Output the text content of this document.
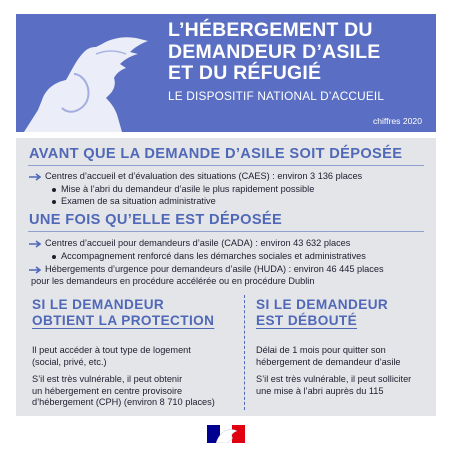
L’HÉBERGEMENT DU
DEMANDEUR D’ASILE
ET DU RÉFUGIÉ
LE DISPOSITIF NATIONAL D’ACCUEIL
chiffres 2020
AVANT QUE LA DEMANDE D’ASILE SOIT DÉPOSÉE
Centres d’accueil et d’évaluation des situations (CAES) : environ 3 136 places
Mise à l’abri du demandeur d’asile le plus rapidement possible
Examen de sa situation administrative
UNE FOIS QU’ELLE EST DÉPOSÉE
Centres d’accueil pour demandeurs d’asile (CADA) : environ 43 632 places
Accompagnement renforcé dans les démarches sociales et administratives
Hébergements d’urgence pour demandeurs d’asile (HUDA) : environ 46 445 places
pour les demandeurs en procédure accélérée ou en procédure Dublin
SI LE DEMANDEUR
OBTIENT LA PROTECTION
SI LE DEMANDEUR
EST DÉBOUTÉ
Il peut accéder à tout type de logement
(social, privé, etc.)
S’il est très vulnérable, il peut obtenir
un hébergement en centre provisoire
d’hébergement (CPH) (environ 8 710 places)
Délai de 1 mois pour quitter son
hébergement de demandeur d’asile
S’il est très vulnérable, il peut solliciter
une mise à l’abri auprès du 115
